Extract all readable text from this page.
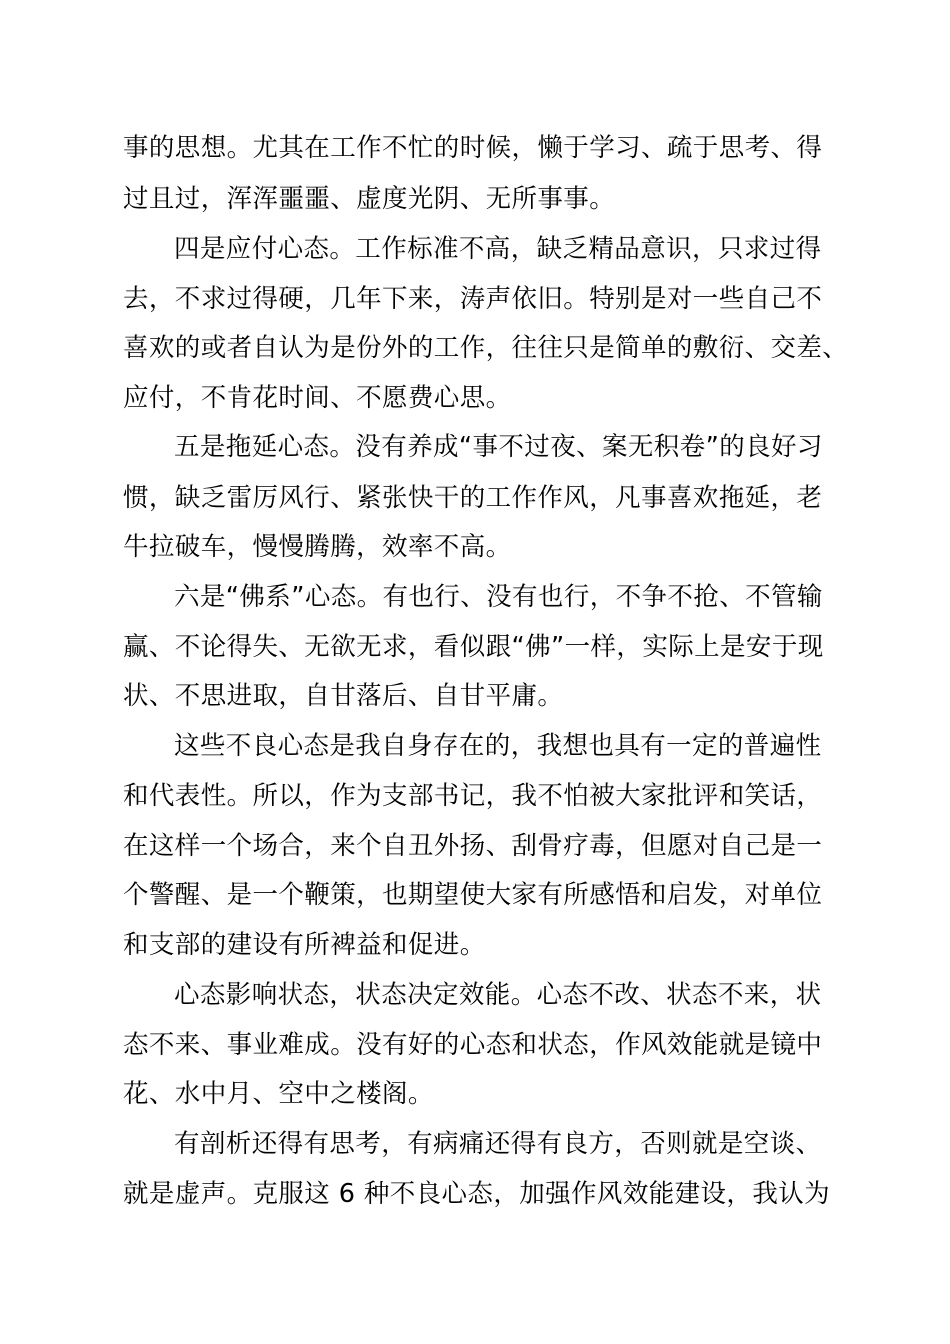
事的思想。尤其在工作不忙的时候，懒于学习、疏于思考、得

过且过，浑浑噩噩、虚度光阴、无所事事。

四是应付心态。工作标准不高，缺乏精品意识，只求过得

去，不求过得硬，几年下来，涛声依旧。特别是对一些自己不

喜欢的或者自认为是份外的工作，往往只是简单的敷衍、交差、

应付，不肯花时间、不愿费心思。

五是拖延心态。没有养成“事不过夜、案无积卷”的良好习

惯，缺乏雷厉风行、紧张快干的工作作风，凡事喜欢拖延，老

牛拉破车，慢慢腾腾，效率不高。

六是“佛系”心态。有也行、没有也行，不争不抢、不管输

赢、不论得失、无欲无求，看似跟“佛”一样，实际上是安于现

状、不思进取，自甘落后、自甘平庸。

这些不良心态是我自身存在的，我想也具有一定的普遍性

和代表性。所以，作为支部书记，我不怕被大家批评和笑话，

在这样一个场合，来个自丑外扬、刮骨疗毒，但愿对自己是一

个警醒、是一个鞭策，也期望使大家有所感悟和启发，对单位

和支部的建设有所裨益和促进。

心态影响状态，状态决定效能。心态不改、状态不来，状

态不来、事业难成。没有好的心态和状态，作风效能就是镜中

花、水中月、空中之楼阁。

有剖析还得有思考，有病痛还得有良方，否则就是空谈、

就是虚声。克服这 6 种不良心态，加强作风效能建设，我认为
